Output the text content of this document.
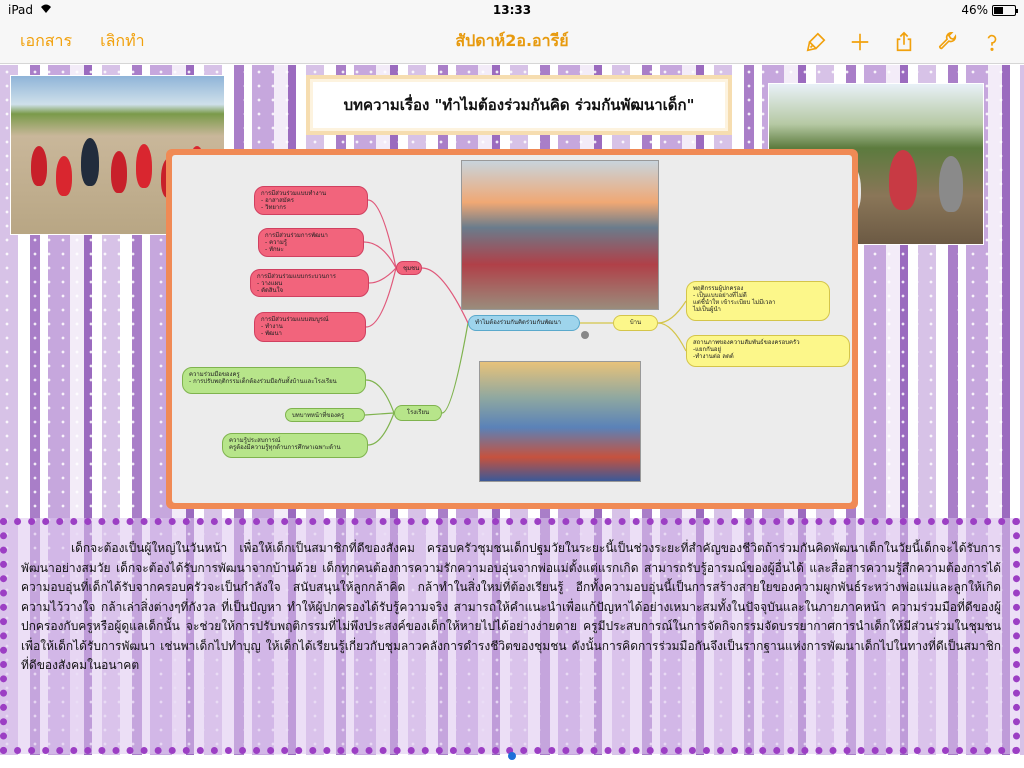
iPad	13:33	46%
เอกสาร เลิกทำ	สัปดาห์2อ.อารีย์
บทความเรื่อง "ทำไมต้องร่วมกันคิด ร่วมกันพัฒนาเด็ก"
การมีส่วนร่วมแบบทำงาน
- อาสาสมัคร
- วิทยากร
การมีส่วนร่วมการพัฒนา
- ความรู้
- ทักษะ
การมีส่วนร่วมแบบกระบวนการ
- วางแผน
- ตัดสินใจ
การมีส่วนร่วมแบบสมบูรณ์
- ทำงาน
- พัฒนา
ชุมชน
ความร่วมมือของครู
- การปรับพฤติกรรมเด็กต้องร่วมมือกันทั้งบ้านและโรงเรียน
บทบาทหน้าที่ของครู
ความรู้ประสบการณ์
ครูต้องมีความรู้ทุกด้านการศึกษาเฉพาะด้าน
โรงเรียน
ทำไมต้องร่วมกันคิดร่วมกันพัฒนา	บ้าน
พฤติกรรมผู้ปกครอง
- เป็นแบบอย่างที่ไม่ดี
แต่ชี้นำให เข้าระเบียบ ไม่มีเวลา
ไม่เป็นผู้นำ
สถานภาพของความสัมพันธ์ของครอบครัว
-แยกกันอยู่
-ทำงานต่อ ลดด์

เด็กจะต้องเป็นผู้ใหญ่ในวันหน้า เพื่อให้เด็กเป็นสมาชิกที่ดีของสังคม ครอบครัวชุมชนเด็กปฐมวัยในระยะนี้เป็นช่วงระยะที่สำคัญของชีวิตถ้าร่วมกันคิดพัฒนาเด็กในวัยนี้เด็กจะได้รับการพัฒนาอย่างสมวัย เด็กจะต้องได้รับการพัฒนาจากบ้านด้วย เด็กทุกคนต้องการความรักความอบอุ่นจากพ่อแม่ตั้งแต่แรกเกิด สามารถรับรู้อารมณ์ของผู้อื่นได้ และสื่อสารความรู้สึกความต้องการได้ ความอบอุ่นที่เด็กได้รับจากครอบครัวจะเป็นกำลังใจ สนับสนุนให้ลูกกล้าคิด กล้าทำในสิ่งใหม่ที่ต้องเรียนรู้ อีกทั้งความอบอุ่นนี้เป็นการสร้างสายใยของความผูกพันธ์ระหว่างพ่อแม่และลูกให้เกิดความไว้วางใจ กล้าเล่าสิ่งต่างๆที่กังวล ที่เป็นปัญหา ทำให้ผู้ปกครองได้รับรู้ความจริง สามารถให้คำแนะนำเพื่อแก้ปัญหาได้อย่างเหมาะสมทั้งในปัจจุบันและในภายภาคหน้า ความร่วมมือที่ดีของผู้ปกครองกับครูหรือผู้ดูแลเด็กนั้น จะช่วยให้การปรับพฤติกรรมที่ไม่พึงประสงค์ของเด็กให้หายไปได้อย่างง่ายดาย ครูมีประสบการณ์ในการจัดกิจกรรมจัดบรรยากาศการนำเด็กให้มีส่วนร่วมในชุมชนเพื่อให้เด็กได้รับการพัฒนา เช่นพาเด็กไปทำบุญ ให้เด็กได้เรียนรู้เกี่ยวกับชุมลาวคลังการดำรงชีวิตของชุมชน ดังนั้นการคิดการร่วมมือกันจึงเป็นรากฐานแห่งการพัฒนาเด็กไปในทางที่ดีเป็นสมาชิกที่ดีของสังคมในอนาคต
